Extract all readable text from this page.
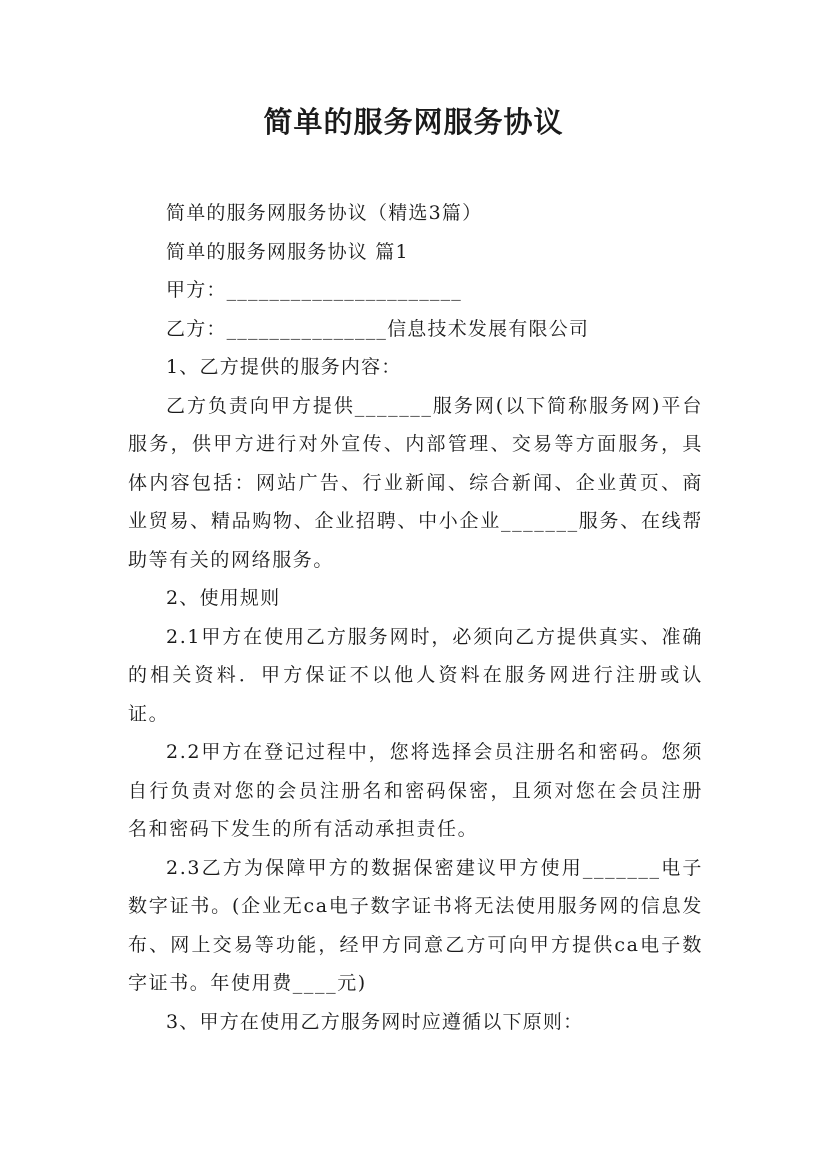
简单的服务网服务协议

简单的服务网服务协议（精选3篇）

简单的服务网服务协议 篇1

甲方：______________________

乙方：_______________信息技术发展有限公司

1、乙方提供的服务内容：

乙方负责向甲方提供_______服务网(以下简称服务网)平台服务，供甲方进行对外宣传、内部管理、交易等方面服务，具体内容包括：网站广告、行业新闻、综合新闻、企业黄页、商业贸易、精品购物、企业招聘、中小企业_______服务、在线帮助等有关的网络服务。

2、使用规则

2.1甲方在使用乙方服务网时，必须向乙方提供真实、准确的相关资料．甲方保证不以他人资料在服务网进行注册或认证。

2.2甲方在登记过程中，您将选择会员注册名和密码。您须自行负责对您的会员注册名和密码保密，且须对您在会员注册名和密码下发生的所有活动承担责任。

2.3乙方为保障甲方的数据保密建议甲方使用_______电子数字证书。(企业无ca电子数字证书将无法使用服务网的信息发布、网上交易等功能，经甲方同意乙方可向甲方提供ca电子数字证书。年使用费____元)

3、甲方在使用乙方服务网时应遵循以下原则：
